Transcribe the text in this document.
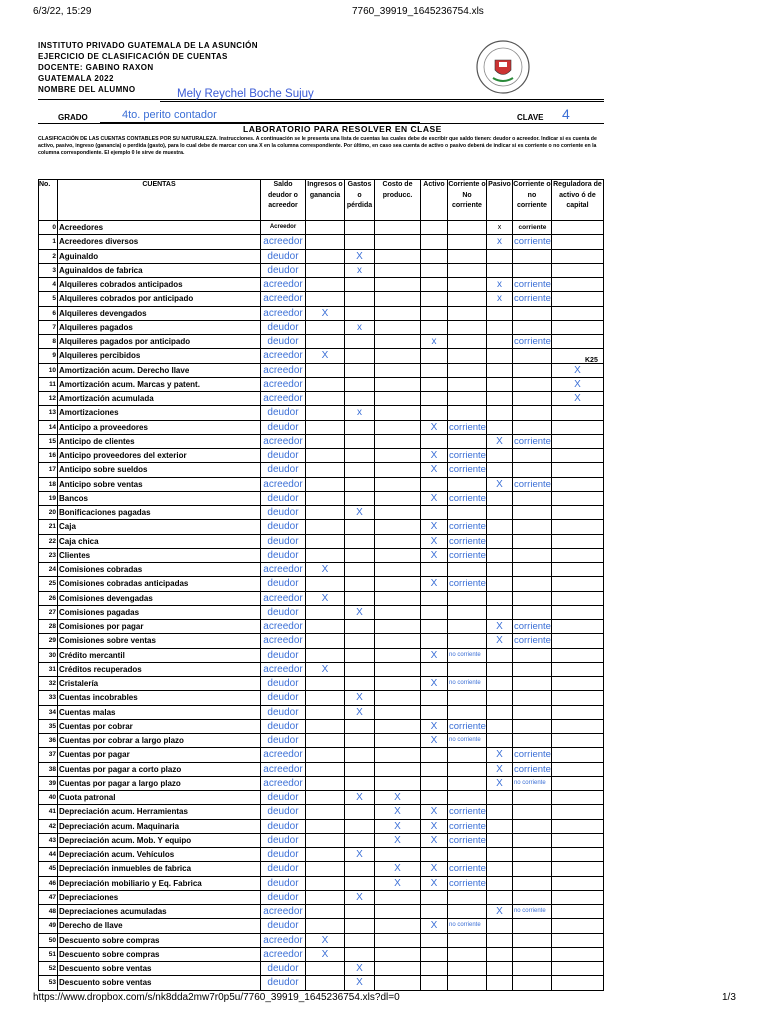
6/3/22, 15:29	7760_39919_1645236754.xls
INSTITUTO PRIVADO GUATEMALA DE LA ASUNCIÓN
EJERCICIO DE CLASIFICACIÓN DE CUENTAS
DOCENTE: GABINO RAXON
GUATEMALA 2022
NOMBRE DEL ALUMNO	Mely Reychel Boche Sujuy
GRADO	4to. perito contador	CLAVE 4
LABORATORIO PARA RESOLVER EN CLASE
CLASIFICACIÓN DE LAS CUENTAS CONTABLES POR SU NATURALEZA. Instrucciones. A continuación se le presenta una lista de cuentas las cuales debe de escribir que saldo tienen: deudor o acreedor. Indicar si es cuenta de activo, pasivo, ingreso (ganancia) o perdida (gasto), para lo cual debe de marcar con una X en la columna correspondiente. Por último, en caso sea cuenta de activo o pasivo deberá de indicar si es corriente o no corriente en la columna correspondiente. El ejemplo 0 le sirve de muestra.
No.	CUENTAS	Saldo deudor o acreedor	Ingresos o ganancia	Gastos o pérdida	Costo de producc.	Activo	Corriente o No corriente	Pasivo	Corriente o no corriente	Reguladora de activo ó de capital
0	Acreedores	Acreedor						x	corriente	
1	Acreedores diversos	acreedor						x	corriente	
2	Aguinaldo	deudor		X						
3	Aguinaldos de fabrica	deudor		x						
4	Alquileres cobrados anticipados	acreedor						x	corriente	
5	Alquileres cobrados por anticipado	acreedor						x	corriente	
6	Alquileres devengados	acreedor	X							
7	Alquileres pagados	deudor		x						
8	Alquileres pagados por anticipado	deudor				x			corriente	
9	Alquileres percibidos	acreedor	X							
10	Amortización acum. Derecho llave	acreedor								X
11	Amortización acum. Marcas y patent.	acreedor								X
12	Amortización acumulada	acreedor								X
13	Amortizaciones	deudor		x						
14	Anticipo a proveedores	deudor				X	corriente			
15	Anticipo de clientes	acreedor						X	corriente	
16	Anticipo proveedores del exterior	deudor				X	corriente			
17	Anticipo sobre sueldos	deudor				X	corriente			
18	Anticipo sobre ventas	acreedor						X	corriente	
19	Bancos	deudor				X	corriente			
20	Bonificaciones pagadas	deudor		X						
21	Caja	deudor				X	corriente			
22	Caja chica	deudor				X	corriente			
23	Clientes	deudor				X	corriente			
24	Comisiones cobradas	acreedor	X							
25	Comisiones cobradas anticipadas	deudor				X	corriente			
26	Comisiones devengadas	acreedor	X							
27	Comisiones pagadas	deudor		X						
28	Comisiones por pagar	acreedor						X	corriente	
29	Comisiones sobre ventas	acreedor						X	corriente	
30	Crédito mercantil	deudor				X	no corriente			
31	Créditos recuperados	acreedor	X							
32	Cristalería	deudor				X	no corriente			
33	Cuentas incobrables	deudor		X						
34	Cuentas malas	deudor		X						
35	Cuentas por cobrar	deudor				X	corriente			
36	Cuentas por cobrar a largo plazo	deudor				X	no corriente			
37	Cuentas por pagar	acreedor						X	corriente	
38	Cuentas por pagar a corto plazo	acreedor						X	corriente	
39	Cuentas por pagar a largo plazo	acreedor						X	no corriente	
40	Cuota patronal	deudor		X	X					
41	Depreciación acum. Herramientas	deudor			X	X	corriente			
42	Depreciación acum. Maquinaria	deudor			X	X	corriente			
43	Depreciación acum. Mob. Y equipo	deudor			X	X	corriente			
44	Depreciación acum. Vehículos	deudor		X						
45	Depreciación inmuebles de fabrica	deudor			X	X	corriente			
46	Depreciación mobiliario y Eq. Fabrica	deudor			X	X	corriente			
47	Depreciaciones	deudor		X						
48	Depreciaciones acumuladas	acreedor						X	no corriente	
49	Derecho de llave	deudor				X	no corriente			
50	Descuento sobre compras	acreedor	X							
51	Descuento sobre compras	acreedor	X							
52	Descuento sobre ventas	deudor		X						
53	Descuento sobre ventas	deudor		X						
K25
https://www.dropbox.com/s/nk8dda2mw7r0p5u/7760_39919_1645236754.xls?dl=0	1/3
